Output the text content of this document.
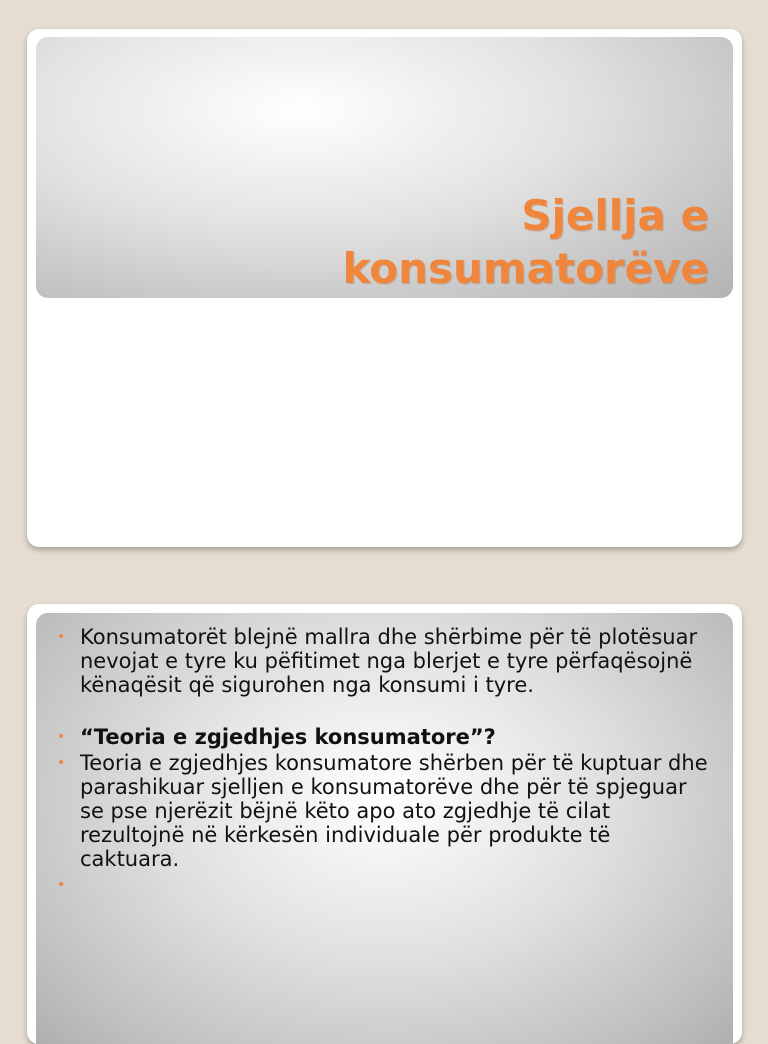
Sjellja e
konsumatorëve
• Konsumatorët blejnë mallra dhe shërbime për të plotësuar nevojat e tyre ku pëfitimet nga blerjet e tyre përfaqësojnë kënaqësit që sigurohen nga konsumi i tyre.
• “Teoria e zgjedhjes konsumatore”?
• Teoria e zgjedhjes konsumatore shërben për të kuptuar dhe parashikuar sjelljen e konsumatorëve dhe për të spjeguar se pse njerëzit bëjnë këto apo ato zgjedhje të cilat rezultojnë në kërkesën individuale për produkte të caktuara.
•
